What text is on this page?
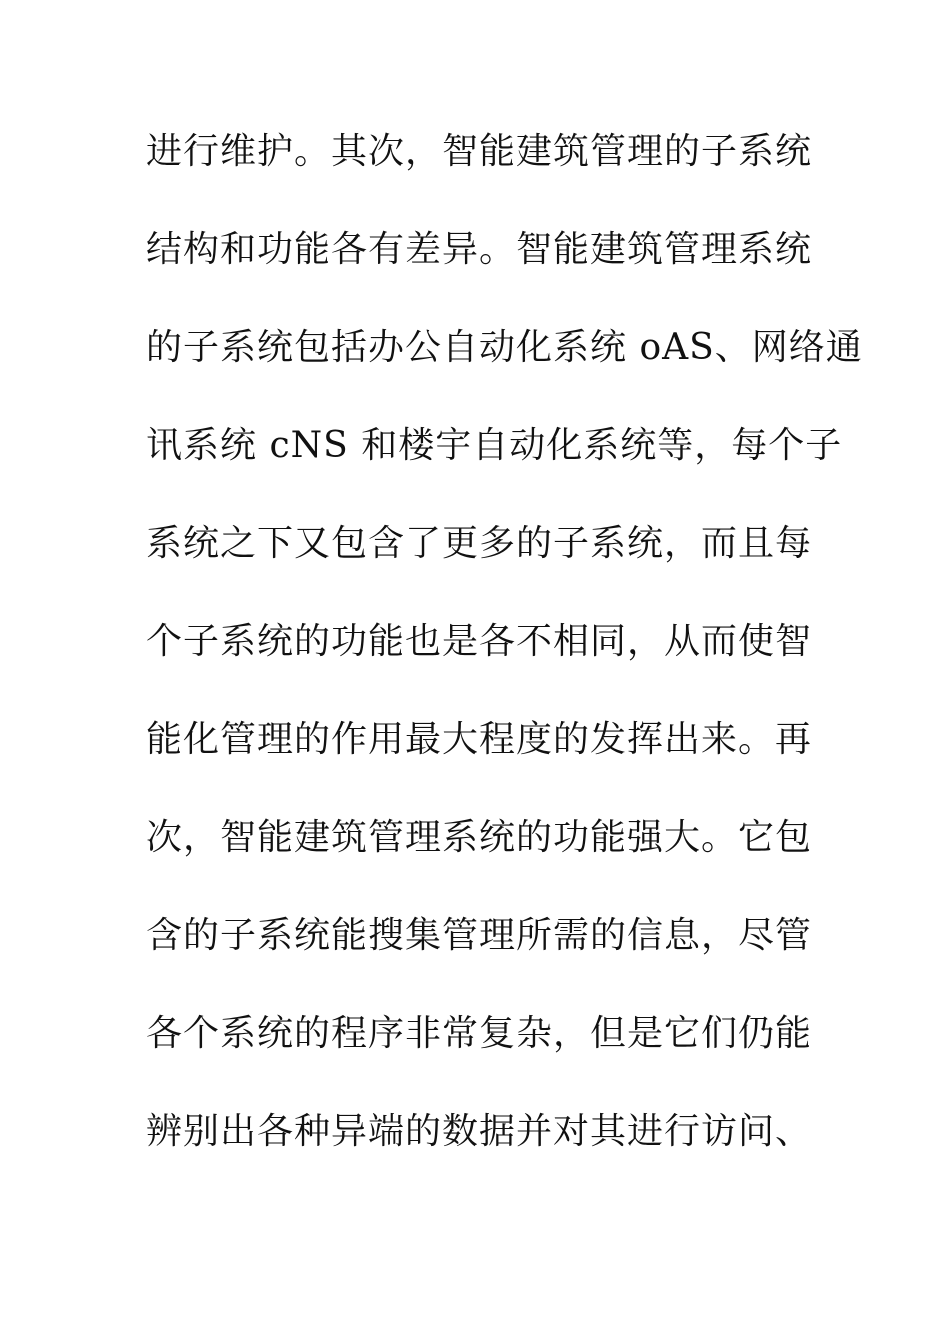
进行维护。其次，智能建筑管理的子系统
结构和功能各有差异。智能建筑管理系统
的子系统包括办公自动化系统 oAS、网络通
讯系统 cNS 和楼宇自动化系统等，每个子
系统之下又包含了更多的子系统，而且每
个子系统的功能也是各不相同，从而使智
能化管理的作用最大程度的发挥出来。再
次，智能建筑管理系统的功能强大。它包
含的子系统能搜集管理所需的信息，尽管
各个系统的程序非常复杂，但是它们仍能
辨别出各种异端的数据并对其进行访问、
